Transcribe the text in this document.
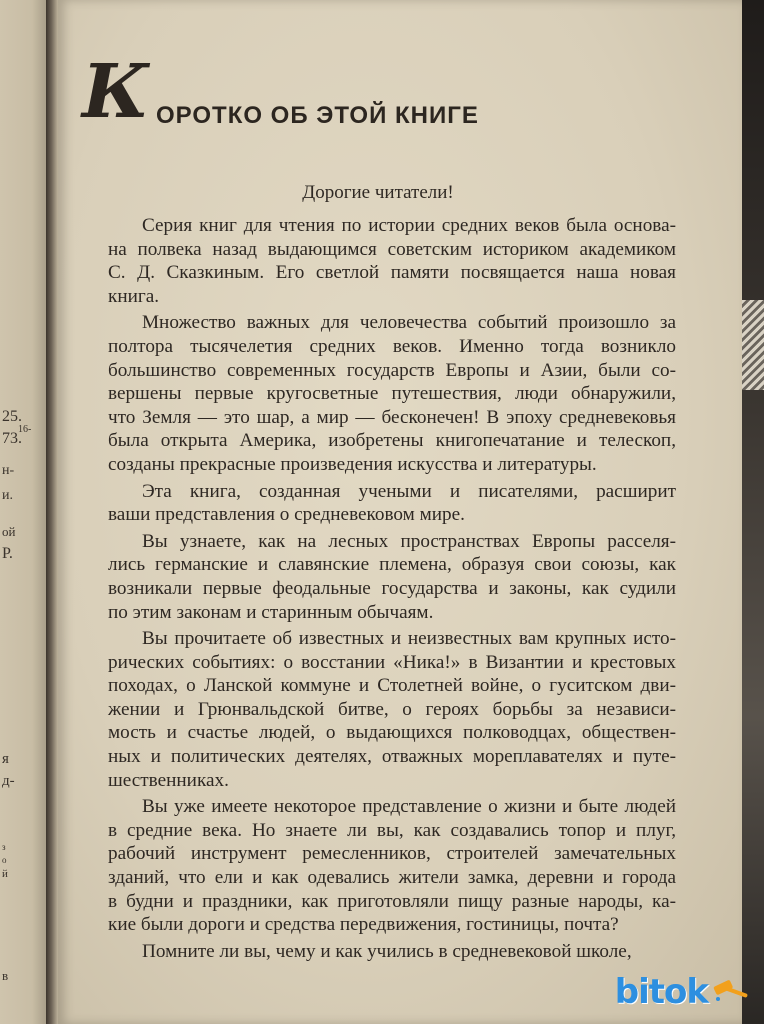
16-
25.
73.
н-
и.
ой
Р.
я
д-
з
о
й
в
К ОРОТКО ОБ ЭТОЙ КНИГЕ
Дорогие читатели!

Серия книг для чтения по истории средних веков была основа-
на полвека назад выдающимся советским историком академиком
С. Д. Сказкиным. Его светлой памяти посвящается наша новая
книга.

Множество важных для человечества событий произошло за
полтора тысячелетия средних веков. Именно тогда возникло
большинство современных государств Европы и Азии, были со-
вершены первые кругосветные путешествия, люди обнаружили,
что Земля — это шар, а мир — бесконечен! В эпоху средневековья
была открыта Америка, изобретены книгопечатание и телескоп,
созданы прекрасные произведения искусства и литературы.

Эта книга, созданная учеными и писателями, расширит
ваши представления о средневековом мире.

Вы узнаете, как на лесных пространствах Европы расселя-
лись германские и славянские племена, образуя свои союзы, как
возникали первые феодальные государства и законы, как судили
по этим законам и старинным обычаям.

Вы прочитаете об известных и неизвестных вам крупных исто-
рических событиях: о восстании «Ника!» в Византии и крестовых
походах, о Ланской коммуне и Столетней войне, о гуситском дви-
жении и Грюнвальдской битве, о героях борьбы за независи-
мость и счастье людей, о выдающихся полководцах, обществен-
ных и политических деятелях, отважных мореплавателях и путе-
шественниках.

Вы уже имеете некоторое представление о жизни и быте людей
в средние века. Но знаете ли вы, как создавались топор и плуг,
рабочий инструмент ремесленников, строителей замечательных
зданий, что ели и как одевались жители замка, деревни и города
в будни и праздники, как приготовляли пищу разные народы, ка-
кие были дороги и средства передвижения, гостиницы, почта?

Помните ли вы, чему и как учились в средневековой школе,

bitok
